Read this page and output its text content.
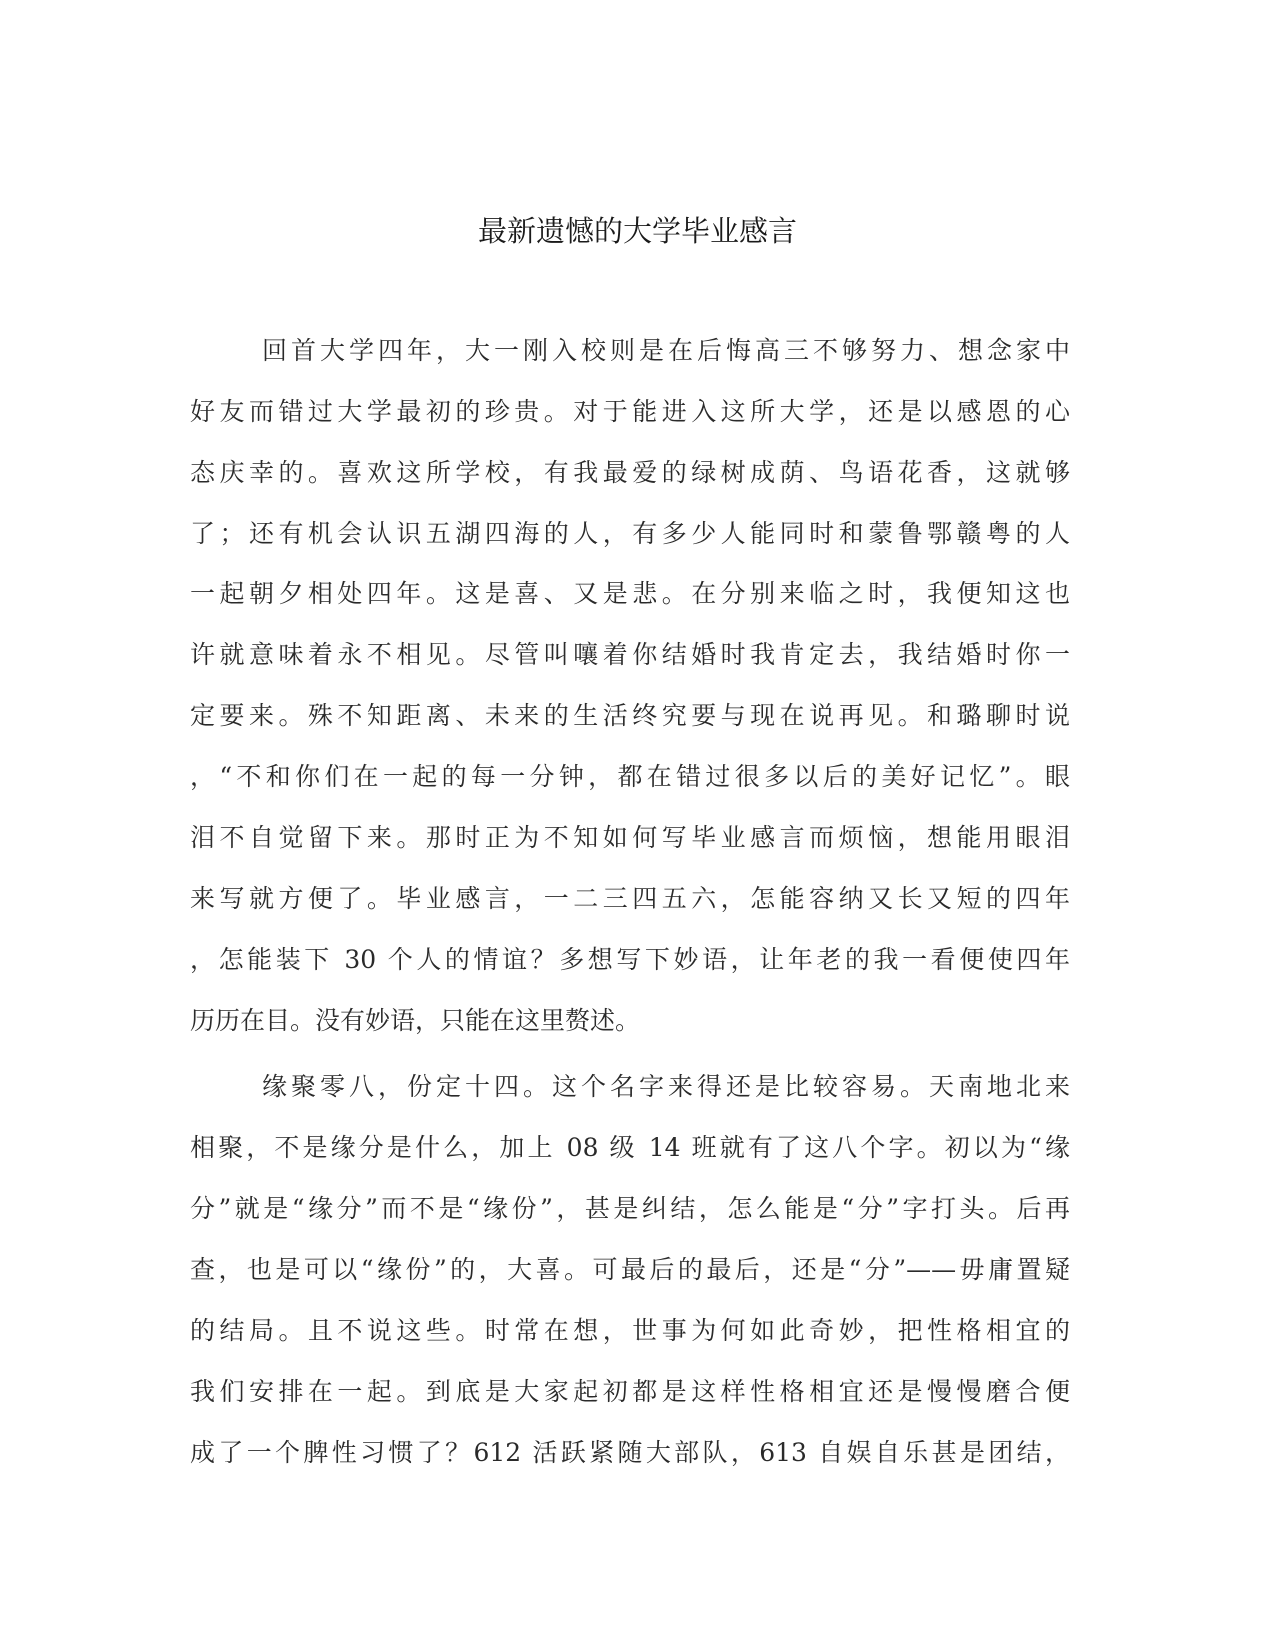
最新遗憾的大学毕业感言
回首大学四年，大一刚入校则是在后悔高三不够努力、想念家中
好友而错过大学最初的珍贵。对于能进入这所大学，还是以感恩的心
态庆幸的。喜欢这所学校，有我最爱的绿树成荫、鸟语花香，这就够
了；还有机会认识五湖四海的人，有多少人能同时和蒙鲁鄂赣粤的人
一起朝夕相处四年。这是喜、又是悲。在分别来临之时，我便知这也
许就意味着永不相见。尽管叫嚷着你结婚时我肯定去，我结婚时你一
定要来。殊不知距离、未来的生活终究要与现在说再见。和璐聊时说
，“不和你们在一起的每一分钟，都在错过很多以后的美好记忆”。眼
泪不自觉留下来。那时正为不知如何写毕业感言而烦恼，想能用眼泪
来写就方便了。毕业感言，一二三四五六，怎能容纳又长又短的四年
，怎能装下 30 个人的情谊？多想写下妙语，让年老的我一看便使四年
历历在目。没有妙语，只能在这里赘述。
缘聚零八，份定十四。这个名字来得还是比较容易。天南地北来
相聚，不是缘分是什么，加上 08 级 14 班就有了这八个字。初以为“缘
分”就是“缘分”而不是“缘份”，甚是纠结，怎么能是“分”字打头。后再
查，也是可以“缘份”的，大喜。可最后的最后，还是“分”——毋庸置疑
的结局。且不说这些。时常在想，世事为何如此奇妙，把性格相宜的
我们安排在一起。到底是大家起初都是这样性格相宜还是慢慢磨合便
成了一个脾性习惯了？612 活跃紧随大部队，613 自娱自乐甚是团结，
